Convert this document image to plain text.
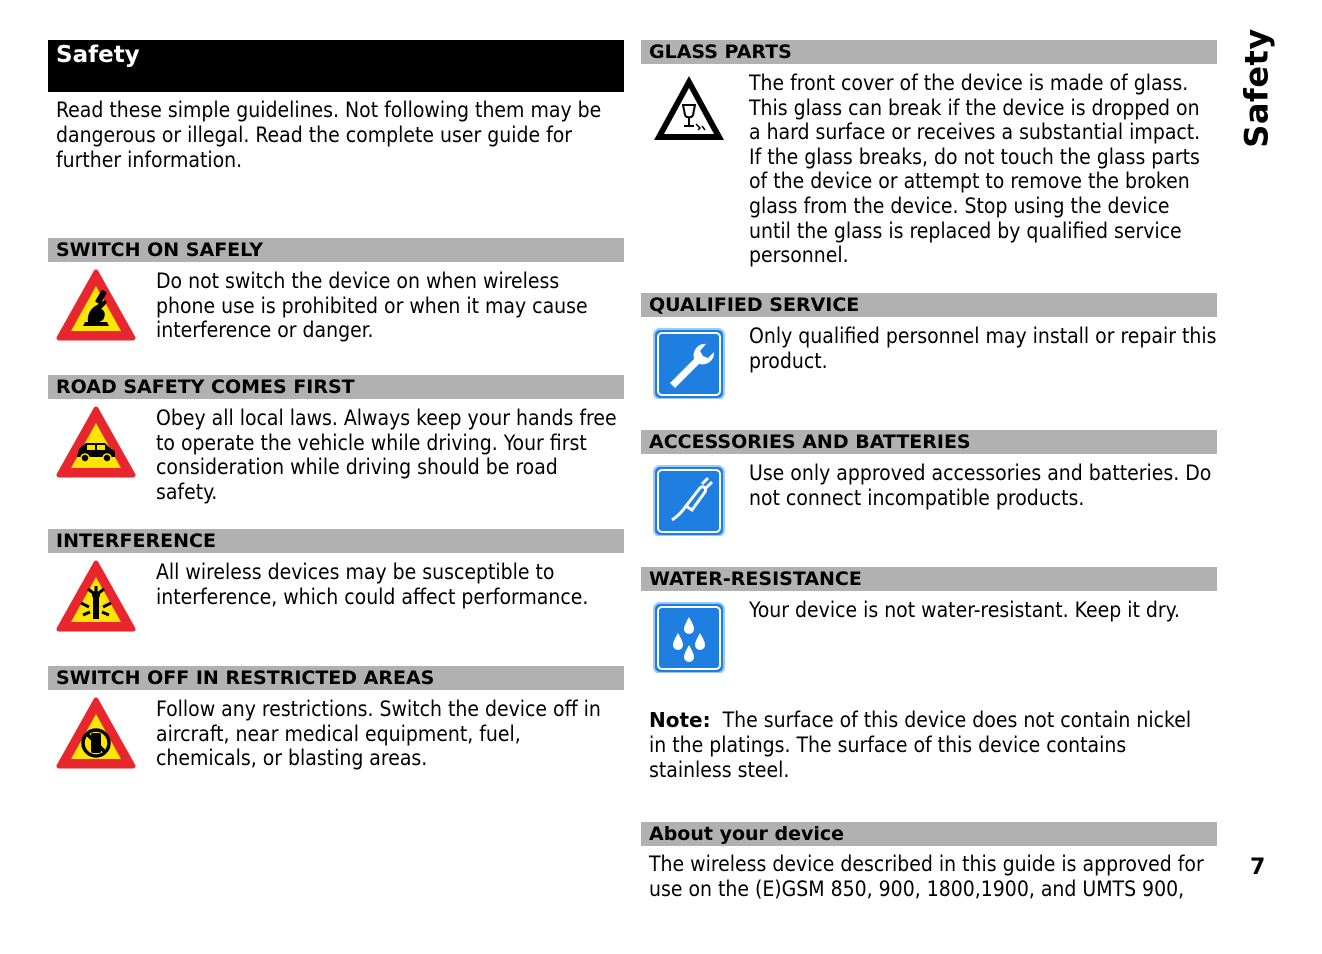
Safety
Read these simple guidelines. Not following them may be dangerous or illegal. Read the complete user guide for further information.
SWITCH ON SAFELY
Do not switch the device on when wireless phone use is prohibited or when it may cause interference or danger.
ROAD SAFETY COMES FIRST
Obey all local laws. Always keep your hands free to operate the vehicle while driving. Your first consideration while driving should be road safety.
INTERFERENCE
All wireless devices may be susceptible to interference, which could affect performance.
SWITCH OFF IN RESTRICTED AREAS
Follow any restrictions. Switch the device off in aircraft, near medical equipment, fuel, chemicals, or blasting areas.
GLASS PARTS
The front cover of the device is made of glass. This glass can break if the device is dropped on a hard surface or receives a substantial impact. If the glass breaks, do not touch the glass parts of the device or attempt to remove the broken glass from the device. Stop using the device until the glass is replaced by qualified service personnel.
QUALIFIED SERVICE
Only qualified personnel may install or repair this product.
ACCESSORIES AND BATTERIES
Use only approved accessories and batteries. Do not connect incompatible products.
WATER-RESISTANCE
Your device is not water-resistant. Keep it dry.
Note: The surface of this device does not contain nickel in the platings. The surface of this device contains stainless steel.
About your device
The wireless device described in this guide is approved for use on the (E)GSM 850, 900, 1800,1900, and UMTS 900,
Safety
7
